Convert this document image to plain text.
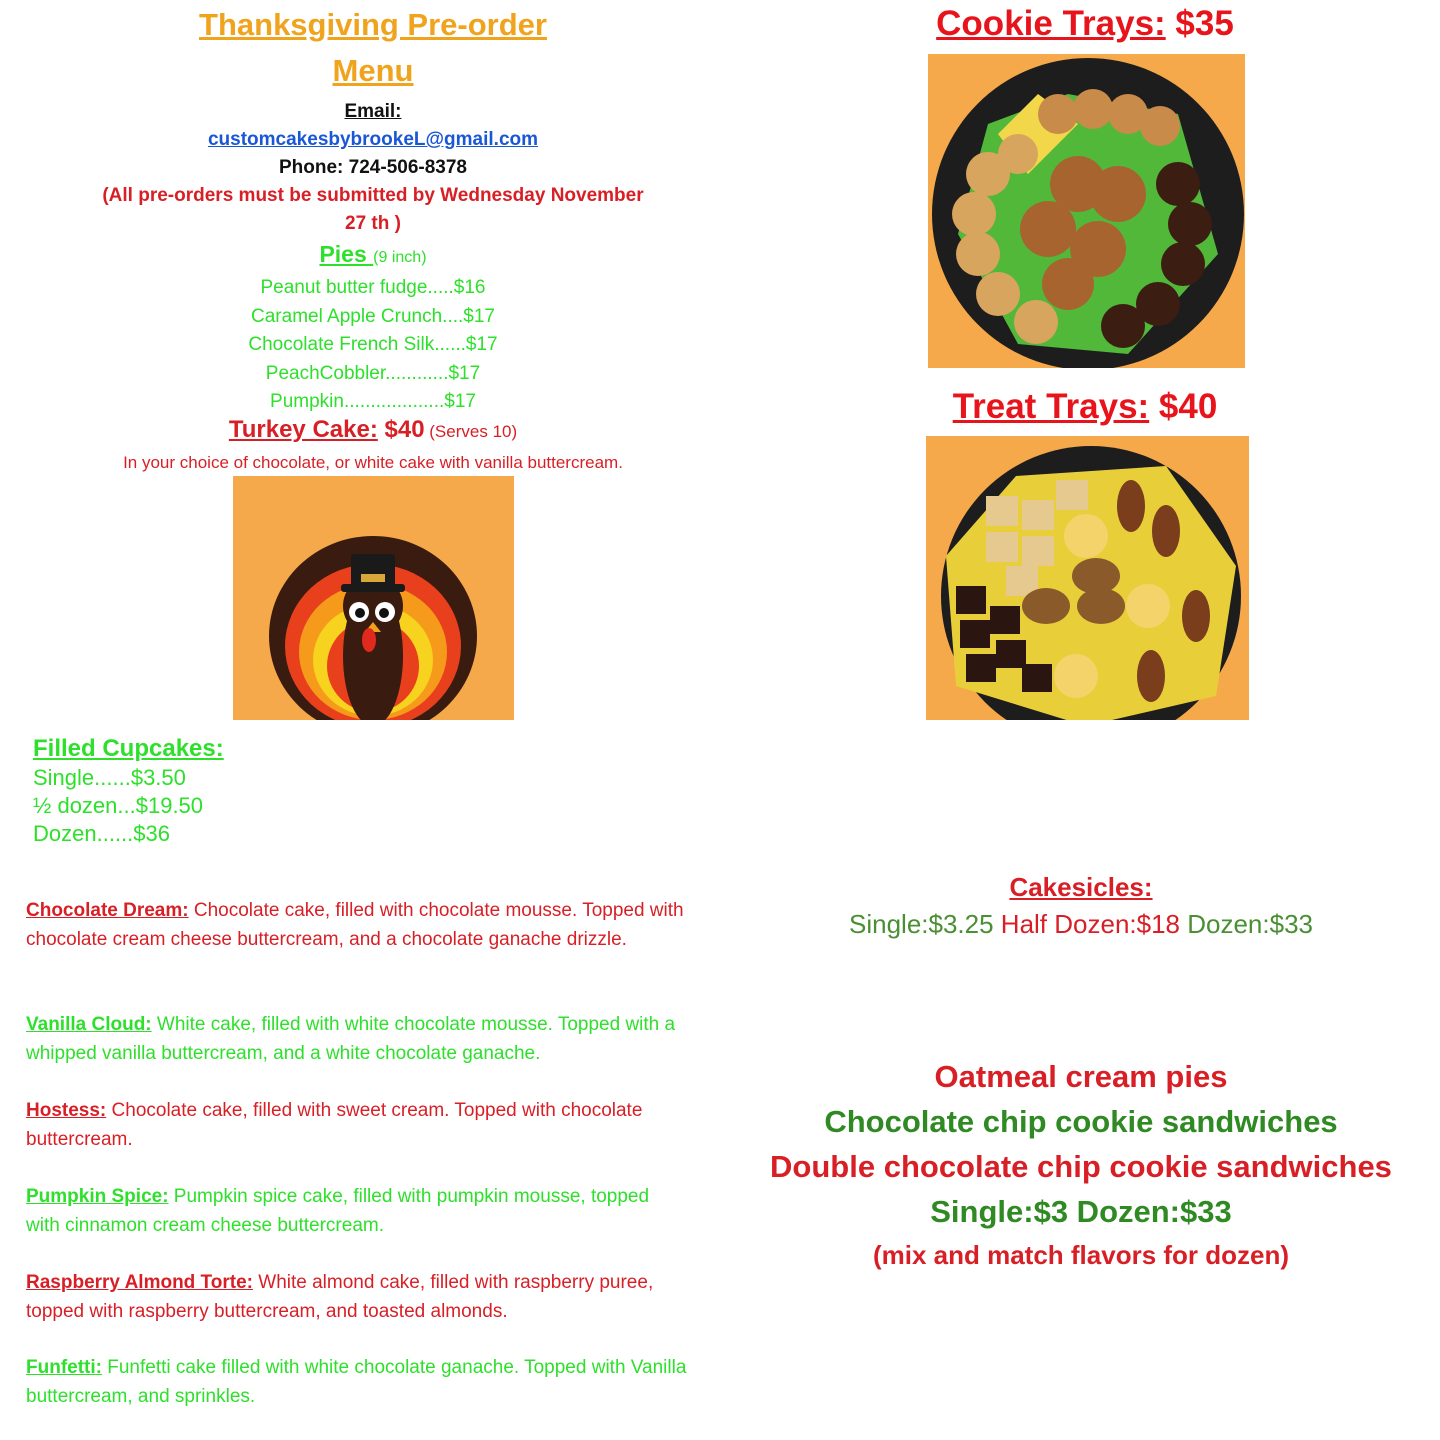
Thanksgiving Pre-order
Menu
Email:
customcakesbybrookeL@gmail.com
Phone: 724-506-8378
(All pre-orders must be submitted by Wednesday November
27 th )
Pies (9 inch)
Peanut butter fudge.....$16
Caramel Apple Crunch....$17
Chocolate French Silk......$17
PeachCobbler............$17
Pumpkin...................$17
Turkey Cake: $40 (Serves 10)
In your choice of chocolate, or white cake with vanilla buttercream.
Cookie Trays: $35
Treat Trays: $40
Filled Cupcakes:
Single......$3.50
½ dozen...$19.50
Dozen......$36
Chocolate Dream: Chocolate cake, filled with chocolate mousse. Topped with chocolate cream cheese buttercream, and a chocolate ganache drizzle.
Vanilla Cloud: White cake, filled with white chocolate mousse. Topped with a whipped vanilla buttercream, and a white chocolate ganache.
Hostess: Chocolate cake, filled with sweet cream. Topped with chocolate buttercream.
Pumpkin Spice: Pumpkin spice cake, filled with pumpkin mousse, topped with cinnamon cream cheese buttercream.
Raspberry Almond Torte: White almond cake, filled with raspberry puree, topped with raspberry buttercream, and toasted almonds.
Funfetti: Funfetti cake filled with white chocolate ganache. Topped with Vanilla buttercream, and sprinkles.
Cakesicles:
Single:$3.25 Half Dozen:$18 Dozen:$33
Oatmeal cream pies
Chocolate chip cookie sandwiches
Double chocolate chip cookie sandwiches
Single:$3 Dozen:$33
(mix and match flavors for dozen)
